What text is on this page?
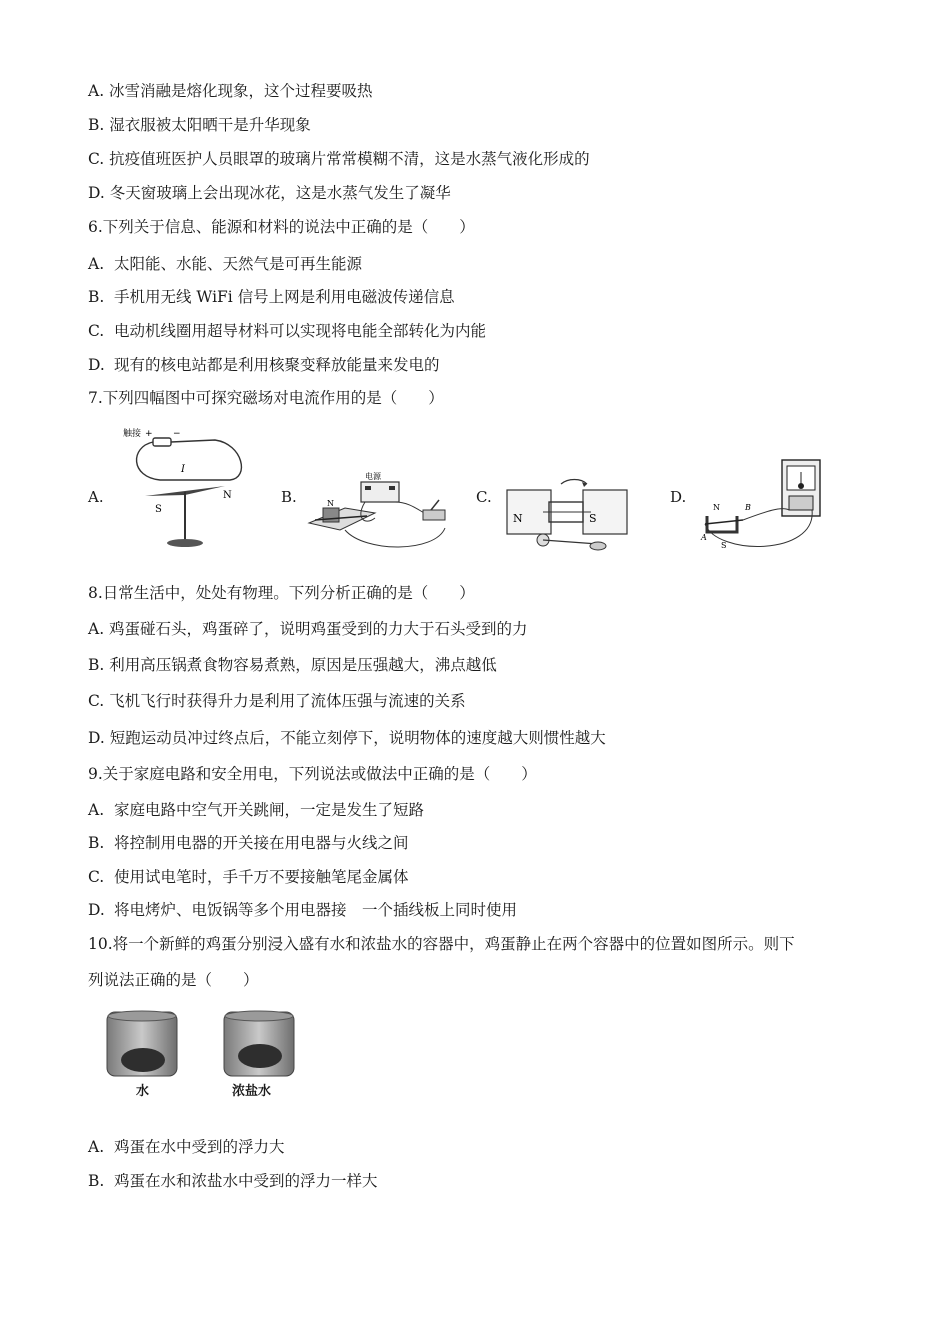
A. 冰雪消融是熔化现象，这个过程要吸热
B. 湿衣服被太阳晒干是升华现象
C. 抗疫值班医护人员眼罩的玻璃片常常模糊不清，这是水蒸气液化形成的
D. 冬天窗玻璃上会出现冰花，这是水蒸气发生了凝华
6.下列关于信息、能源和材料的说法中正确的是（　　）
A. 太阳能、水能、天然气是可再生能源
B. 手机用无线 WiFi 信号上网是利用电磁波传递信息
C. 电动机线圈用超导材料可以实现将电能全部转化为内能
D. 现有的核电站都是利用核聚变释放能量来发电的
7.下列四幅图中可探究磁场对电流作用的是（　　）
A.	B.	C.	D.
触接 + −
I
S
N
电源
N
N	S
N
S
A
B
8.日常生活中，处处有物理。下列分析正确的是（　　）
A. 鸡蛋碰石头，鸡蛋碎了，说明鸡蛋受到的力大于石头受到的力
B. 利用高压锅煮食物容易煮熟，原因是压强越大，沸点越低
C. 飞机飞行时获得升力是利用了流体压强与流速的关系
D. 短跑运动员冲过终点后，不能立刻停下，说明物体的速度越大则惯性越大
9.关于家庭电路和安全用电，下列说法或做法中正确的是（　　）
A. 家庭电路中空气开关跳闸，一定是发生了短路
B. 将控制用电器的开关接在用电器与火线之间
C. 使用试电笔时，手千万不要接触笔尾金属体
D. 将电烤炉、电饭锅等多个用电器接　一个插线板上同时使用
10.将一个新鲜的鸡蛋分别浸入盛有水和浓盐水的容器中，鸡蛋静止在两个容器中的位置如图所示。则下
列说法正确的是（　　）
水	浓盐水
A. 鸡蛋在水中受到的浮力大
B. 鸡蛋在水和浓盐水中受到的浮力一样大
